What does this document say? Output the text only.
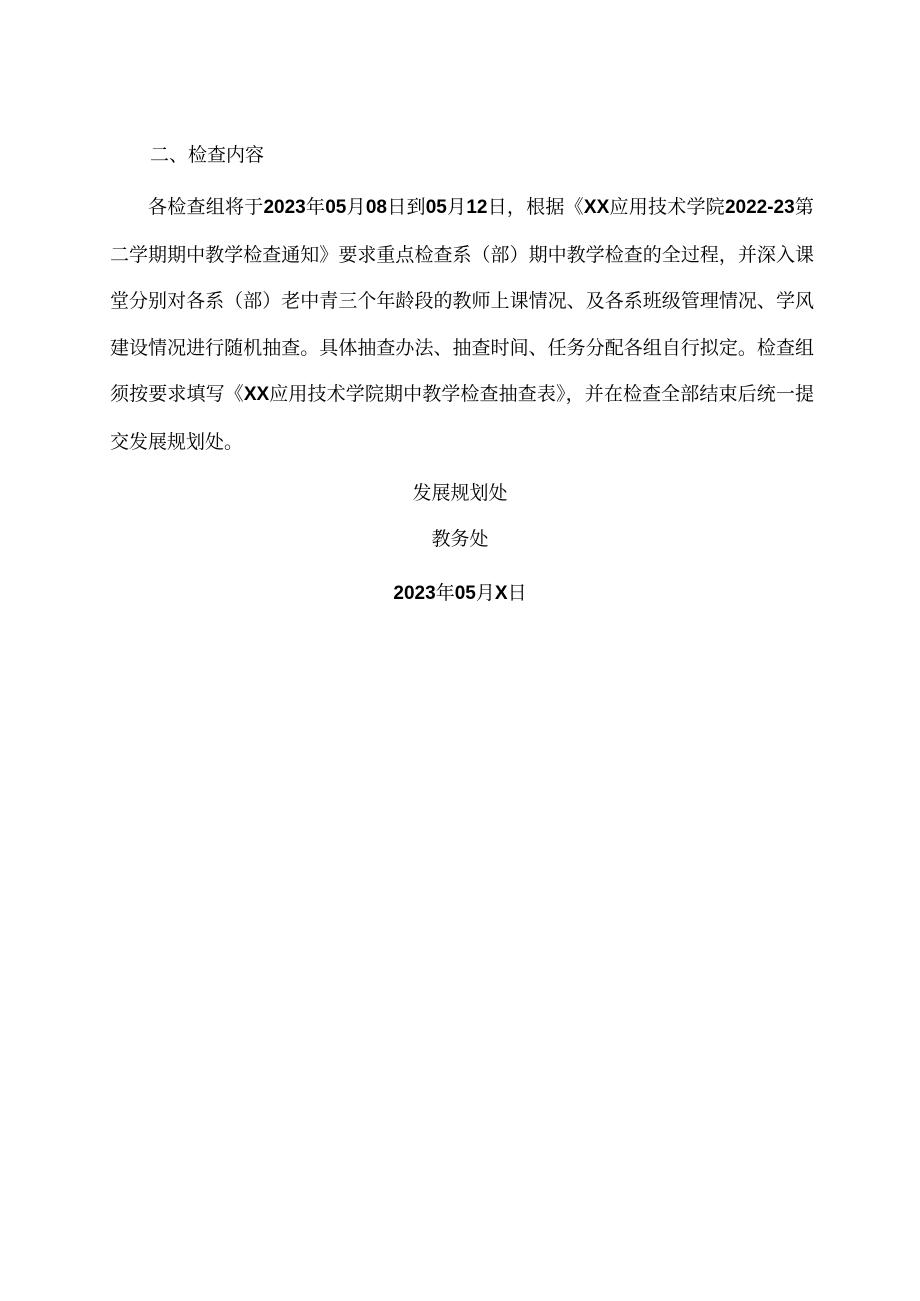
二、检查内容

各检查组将于2023年05月08日到05月12日，根据《XX应用技术学院2022-23第二学期期中教学检查通知》要求重点检查系（部）期中教学检查的全过程，并深入课堂分别对各系（部）老中青三个年龄段的教师上课情况、及各系班级管理情况、学风建设情况进行随机抽查。具体抽查办法、抽查时间、任务分配各组自行拟定。检查组须按要求填写《XX应用技术学院期中教学检查抽查表》，并在检查全部结束后统一提交发展规划处。

发展规划处
教务处
2023年05月X日
